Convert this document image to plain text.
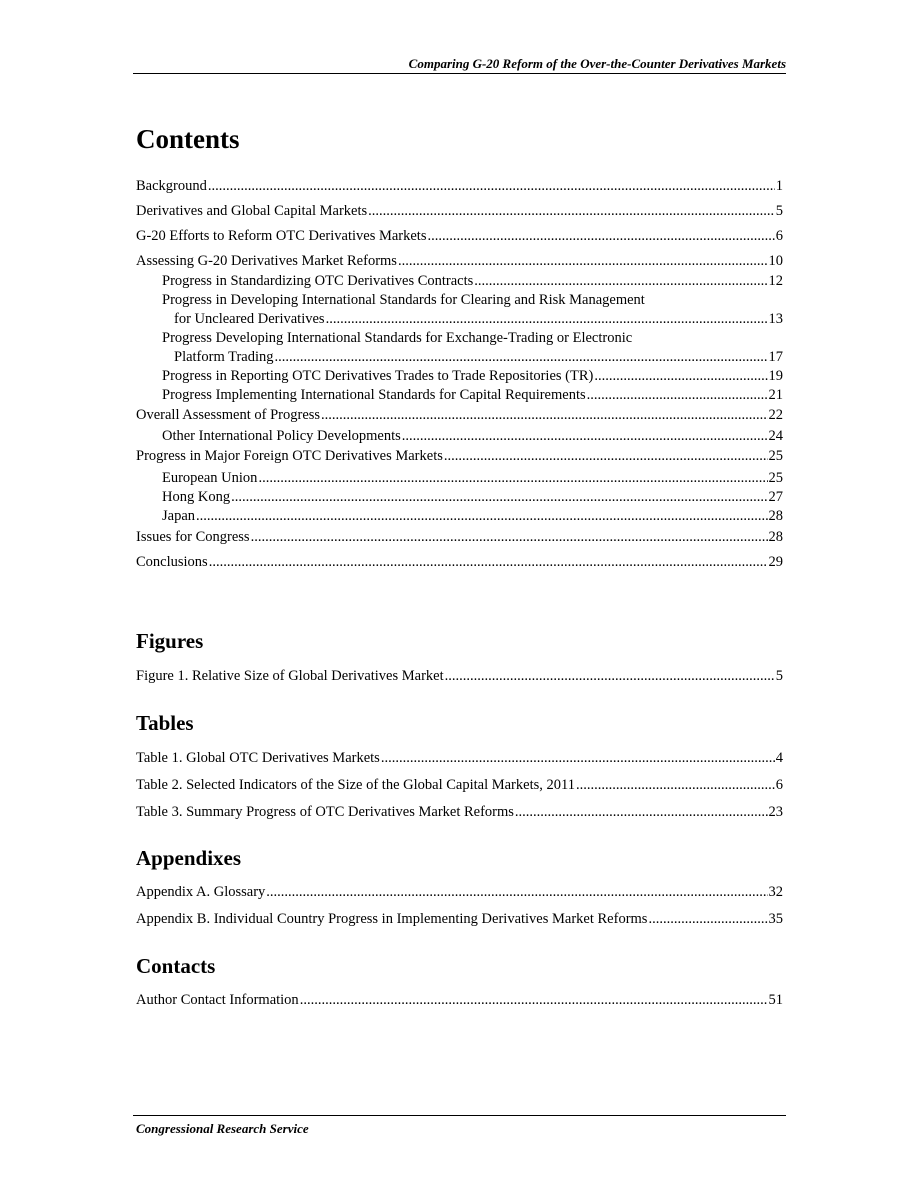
Comparing G-20 Reform of the Over-the-Counter Derivatives Markets
Contents
Background .....	1
Derivatives and Global Capital Markets .....	5
G-20 Efforts to Reform OTC Derivatives Markets .....	6
Assessing G-20 Derivatives Market Reforms .....	10
Progress in Standardizing OTC Derivatives Contracts .....	12
Progress in Developing International Standards for Clearing and Risk Management
for Uncleared Derivatives .....	13
Progress Developing International Standards for Exchange-Trading or Electronic
Platform Trading .....	17
Progress in Reporting OTC Derivatives Trades to Trade Repositories (TR) .....	19
Progress Implementing International Standards for Capital Requirements .....	21
Overall Assessment of Progress .....	22
Other International Policy Developments .....	24
Progress in Major Foreign OTC Derivatives Markets .....	25
European Union .....	25
Hong Kong .....	27
Japan .....	28
Issues for Congress .....	28
Conclusions .....	29
Figures
Figure 1. Relative Size of Global Derivatives Market .....	5
Tables
Table 1. Global OTC Derivatives Markets .....	4
Table 2. Selected Indicators of the Size of the Global Capital Markets, 2011 .....	6
Table 3. Summary Progress of OTC Derivatives Market Reforms .....	23
Appendixes
Appendix A. Glossary .....	32
Appendix B. Individual Country Progress in Implementing Derivatives Market Reforms .....	35
Contacts
Author Contact Information .....	51
Congressional Research Service
